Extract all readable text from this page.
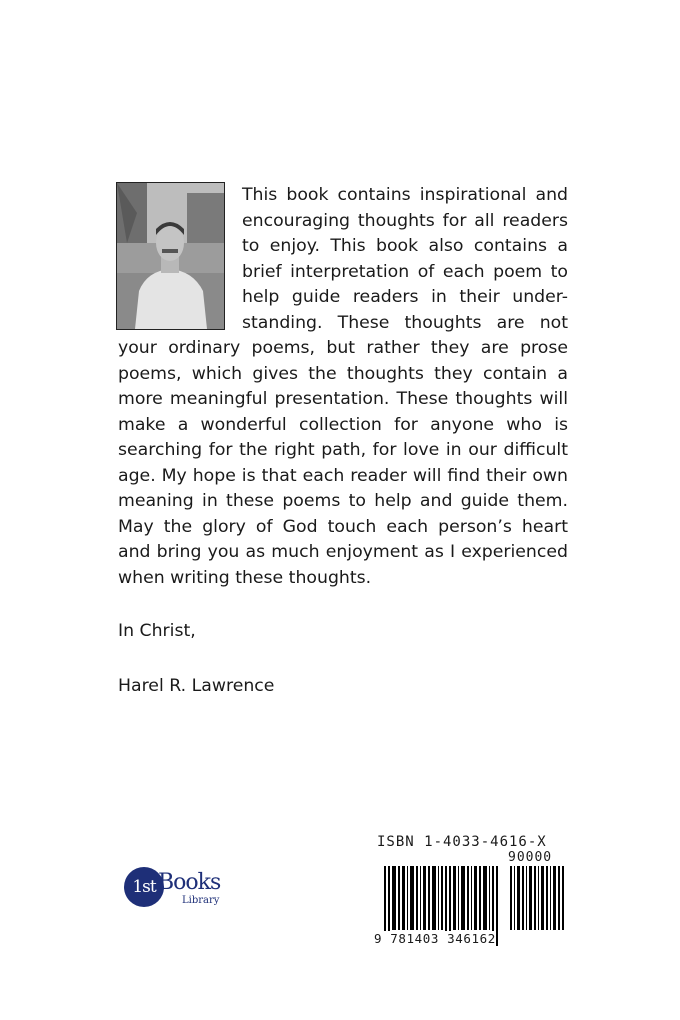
This book contains inspirational and encouraging thoughts for all readers to enjoy. This book also contains a brief interpretation of each poem to help guide readers in their under-standing. These thoughts are not your ordinary poems, but rather they are prose poems, which gives the thoughts they contain a more meaningful presentation. These thoughts will make a wonderful collection for anyone who is searching for the right path, for love in our difficult age. My hope is that each reader will find their own meaning in these poems to help and guide them. May the glory of God touch each person’s heart and bring you as much enjoyment as I experienced when writing these thoughts.

In Christ,
Harel R. Lawrence
1st Books
Library
ISBN 1-4033-4616-X
90000
9 781403 346162
